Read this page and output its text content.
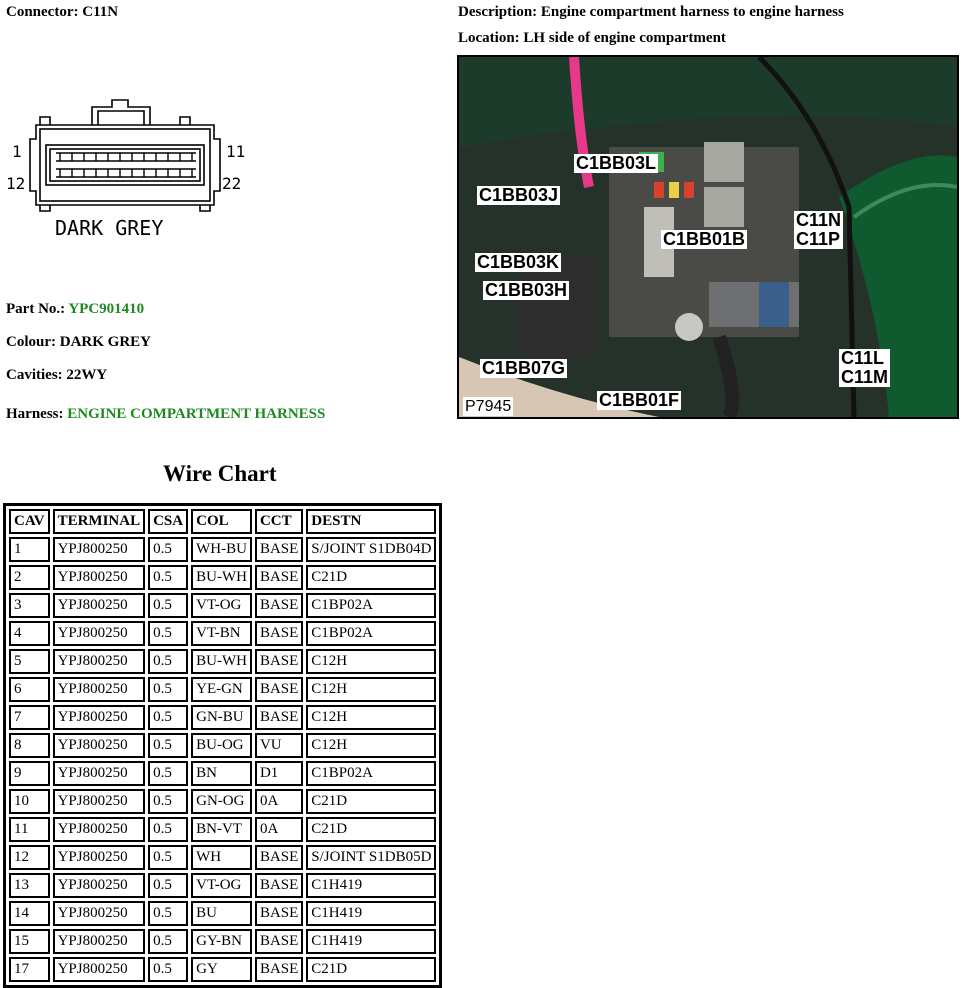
Connector: C11N	Description: Engine compartment harness to engine harness
Location: LH side of engine compartment
1	11
12	22
DARK GREY
Part No.: YPC901410
Colour: DARK GREY
Cavities: 22WY
Harness: ENGINE COMPARTMENT HARNESS
C1BB03L
C1BB03J
C1BB01B
C11N
C11P
C1BB03K
C1BB03H
C1BB07G	C11L
C11M
C1BB01F
P7945
Wire Chart
CAV	TERMINAL	CSA	COL	CCT	DESTN
1	YPJ800250	0.5	WH-BU	BASE	S/JOINT S1DB04D
2	YPJ800250	0.5	BU-WH	BASE	C21D
3	YPJ800250	0.5	VT-OG	BASE	C1BP02A
4	YPJ800250	0.5	VT-BN	BASE	C1BP02A
5	YPJ800250	0.5	BU-WH	BASE	C12H
6	YPJ800250	0.5	YE-GN	BASE	C12H
7	YPJ800250	0.5	GN-BU	BASE	C12H
8	YPJ800250	0.5	BU-OG	VU	C12H
9	YPJ800250	0.5	BN	D1	C1BP02A
10	YPJ800250	0.5	GN-OG	0A	C21D
11	YPJ800250	0.5	BN-VT	0A	C21D
12	YPJ800250	0.5	WH	BASE	S/JOINT S1DB05D
13	YPJ800250	0.5	VT-OG	BASE	C1H419
14	YPJ800250	0.5	BU	BASE	C1H419
15	YPJ800250	0.5	GY-BN	BASE	C1H419
17	YPJ800250	0.5	GY	BASE	C21D
